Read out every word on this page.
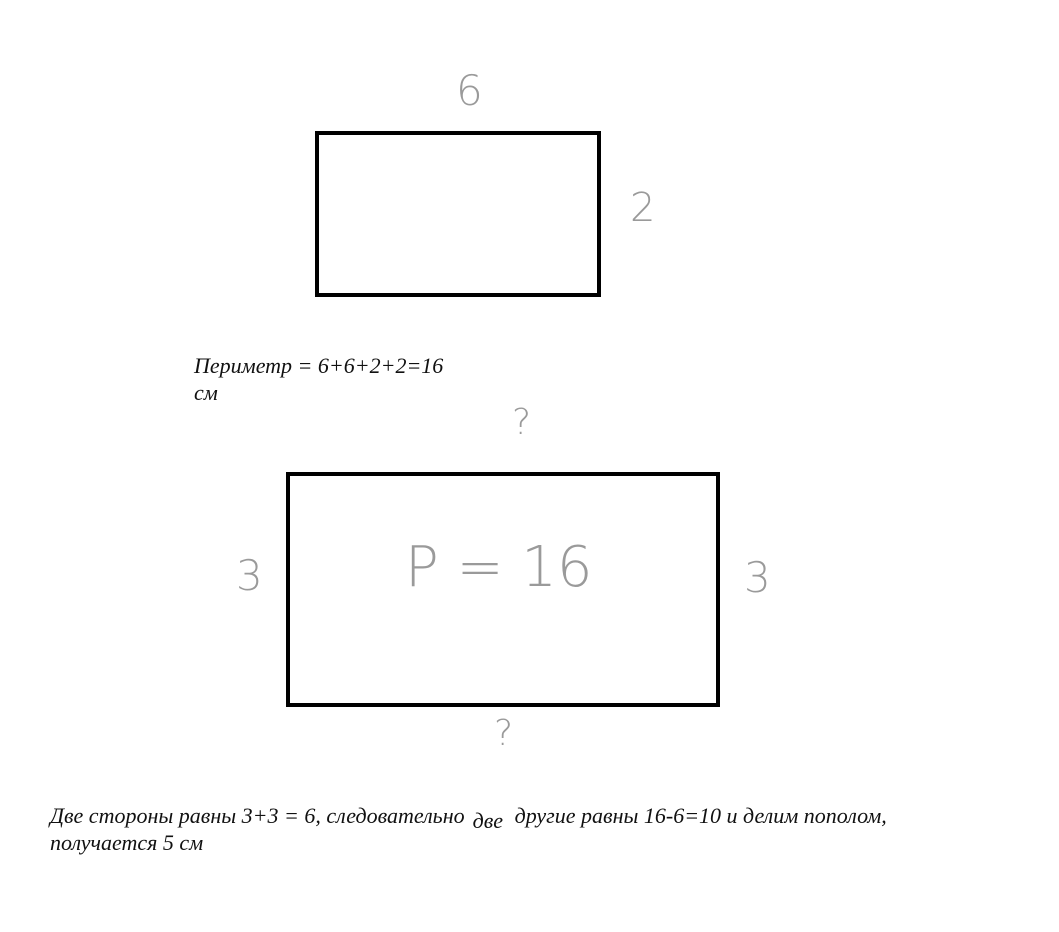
6
2
Периметр = 6+6+2+2=16
см
?
3	3
P = 16
?
Две стороны равны 3+3 = 6, следовательно две другие равны 16-6=10 и делим пополом,
получается 5 см
